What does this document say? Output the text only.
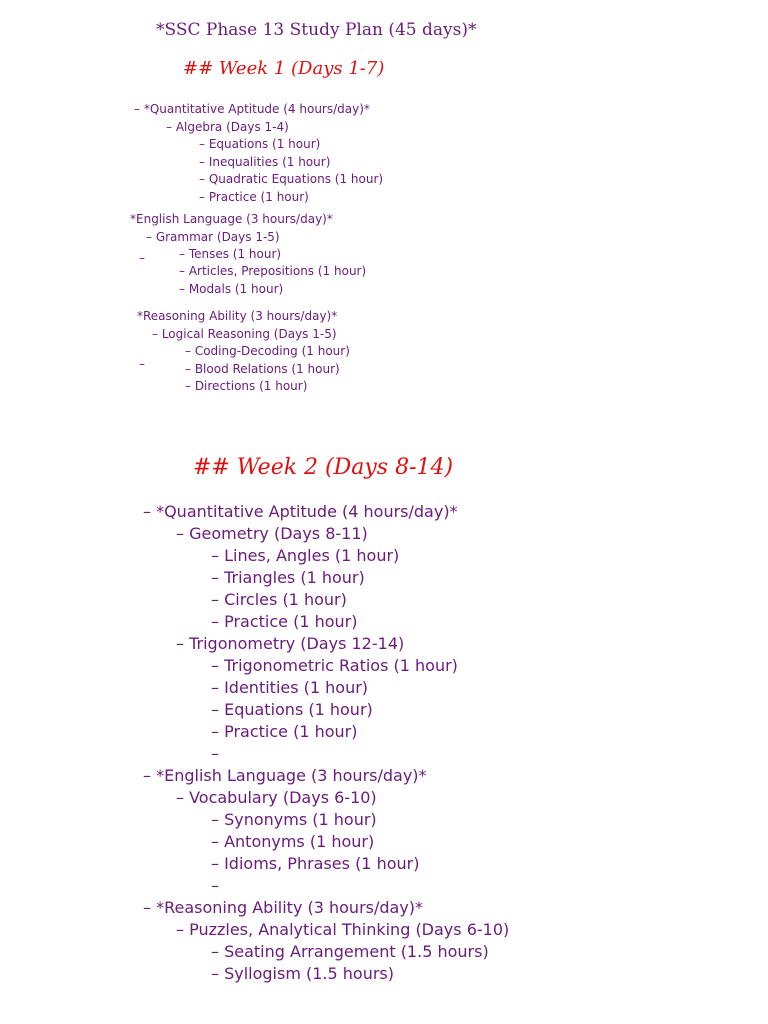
*SSC Phase 13 Study Plan (45 days)*
## Week 1 (Days 1-7)
– *Quantitative Aptitude (4 hours/day)*
– Algebra (Days 1-4)
– Equations (1 hour)
– Inequalities (1 hour)
– Quadratic Equations (1 hour)
– Practice (1 hour)
*English Language (3 hours/day)*
– Grammar (Days 1-5)
–	– Tenses (1 hour)
– Articles, Prepositions (1 hour)
– Modals (1 hour)
*Reasoning Ability (3 hours/day)*
– Logical Reasoning (Days 1-5)
–
– Coding-Decoding (1 hour)
– Blood Relations (1 hour)
– Directions (1 hour)
## Week 2 (Days 8-14)
– *Quantitative Aptitude (4 hours/day)*
– Geometry (Days 8-11)
– Lines, Angles (1 hour)
– Triangles (1 hour)
– Circles (1 hour)
– Practice (1 hour)
– Trigonometry (Days 12-14)
– Trigonometric Ratios (1 hour)
– Identities (1 hour)
– Equations (1 hour)
– Practice (1 hour)
–
– *English Language (3 hours/day)*
– Vocabulary (Days 6-10)
– Synonyms (1 hour)
– Antonyms (1 hour)
– Idioms, Phrases (1 hour)
–
– *Reasoning Ability (3 hours/day)*
– Puzzles, Analytical Thinking (Days 6-10)
– Seating Arrangement (1.5 hours)
– Syllogism (1.5 hours)
